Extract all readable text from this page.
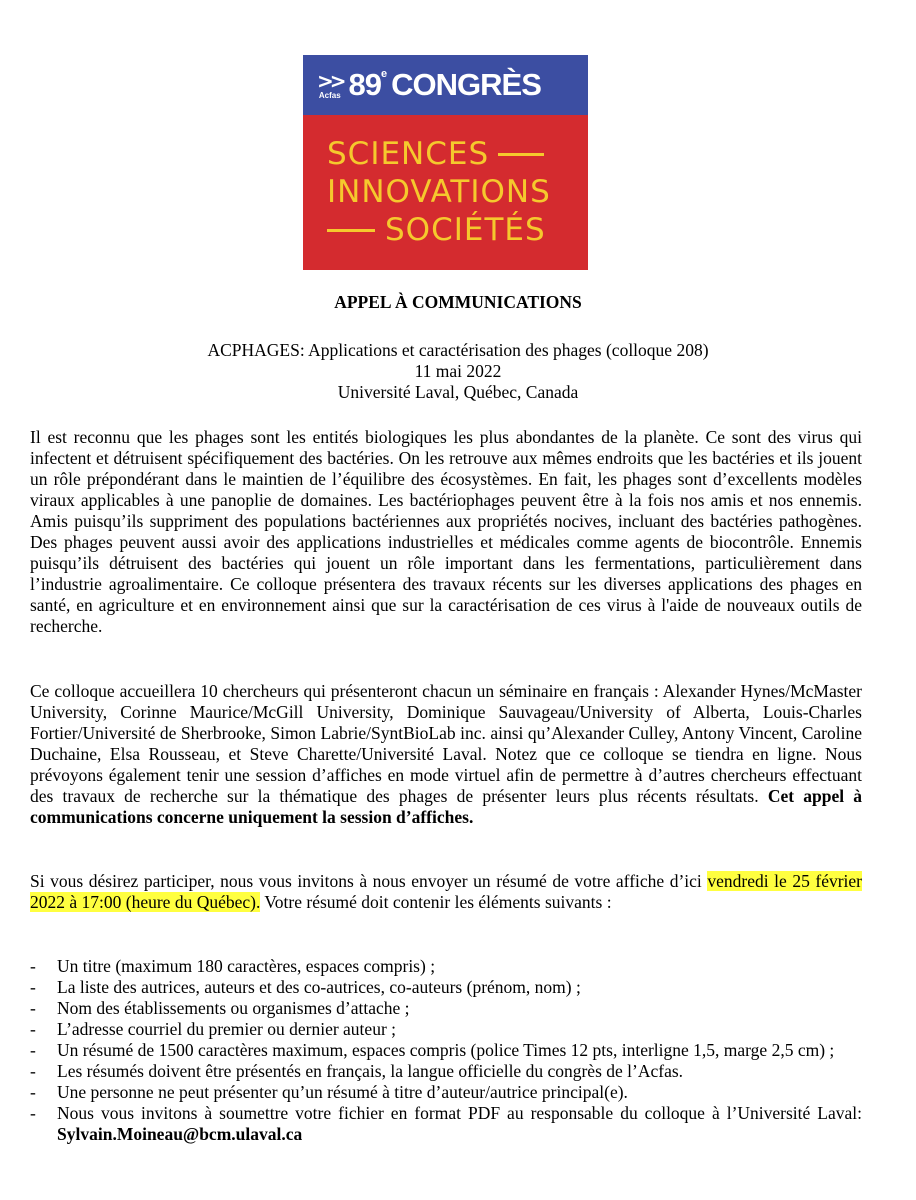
>>
Acfas 89 e CONGRÈS
SCIENCES
INNOVATIONS
SOCIÉTÉS
APPEL À COMMUNICATIONS
ACPHAGES: Applications et caractérisation des phages (colloque 208)
11 mai 2022
Université Laval, Québec, Canada

Il est reconnu que les phages sont les entités biologiques les plus abondantes de la planète. Ce sont des virus qui infectent et détruisent spécifiquement des bactéries. On les retrouve aux mêmes endroits que les bactéries et ils jouent un rôle prépondérant dans le maintien de l’équilibre des écosystèmes. En fait, les phages sont d’excellents modèles viraux applicables à une panoplie de domaines. Les bactériophages peuvent être à la fois nos amis et nos ennemis. Amis puisqu’ils suppriment des populations bactériennes aux propriétés nocives, incluant des bactéries pathogènes. Des phages peuvent aussi avoir des applications industrielles et médicales comme agents de biocontrôle. Ennemis puisqu’ils détruisent des bactéries qui jouent un rôle important dans les fermentations, particulièrement dans l’industrie agroalimentaire. Ce colloque présentera des travaux récents sur les diverses applications des phages en santé, en agriculture et en environnement ainsi que sur la caractérisation de ces virus à l'aide de nouveaux outils de recherche.

Ce colloque accueillera 10 chercheurs qui présenteront chacun un séminaire en français : Alexander Hynes/McMaster University, Corinne Maurice/McGill University, Dominique Sauvageau/University of Alberta, Louis-Charles Fortier/Université de Sherbrooke, Simon Labrie/SyntBioLab inc. ainsi qu’Alexander Culley, Antony Vincent, Caroline Duchaine, Elsa Rousseau, et Steve Charette/Université Laval. Notez que ce colloque se tiendra en ligne. Nous prévoyons également tenir une session d’affiches en mode virtuel afin de permettre à d’autres chercheurs effectuant des travaux de recherche sur la thématique des phages de présenter leurs plus récents résultats. Cet appel à communications concerne uniquement la session d’affiches.

Si vous désirez participer, nous vous invitons à nous envoyer un résumé de votre affiche d’ici vendredi le 25 février 2022 à 17:00 (heure du Québec). Votre résumé doit contenir les éléments suivants :

- Un titre (maximum 180 caractères, espaces compris) ;
- La liste des autrices, auteurs et des co-autrices, co-auteurs (prénom, nom) ;
- Nom des établissements ou organismes d’attache ;
- L’adresse courriel du premier ou dernier auteur ;
- Un résumé de 1500 caractères maximum, espaces compris (police Times 12 pts, interligne 1,5, marge 2,5 cm) ;
- Les résumés doivent être présentés en français, la langue officielle du congrès de l’Acfas.
- Une personne ne peut présenter qu’un résumé à titre d’auteur/autrice principal(e).
- Nous vous invitons à soumettre votre fichier en format PDF au responsable du colloque à l’Université Laval: Sylvain.Moineau@bcm.ulaval.ca
